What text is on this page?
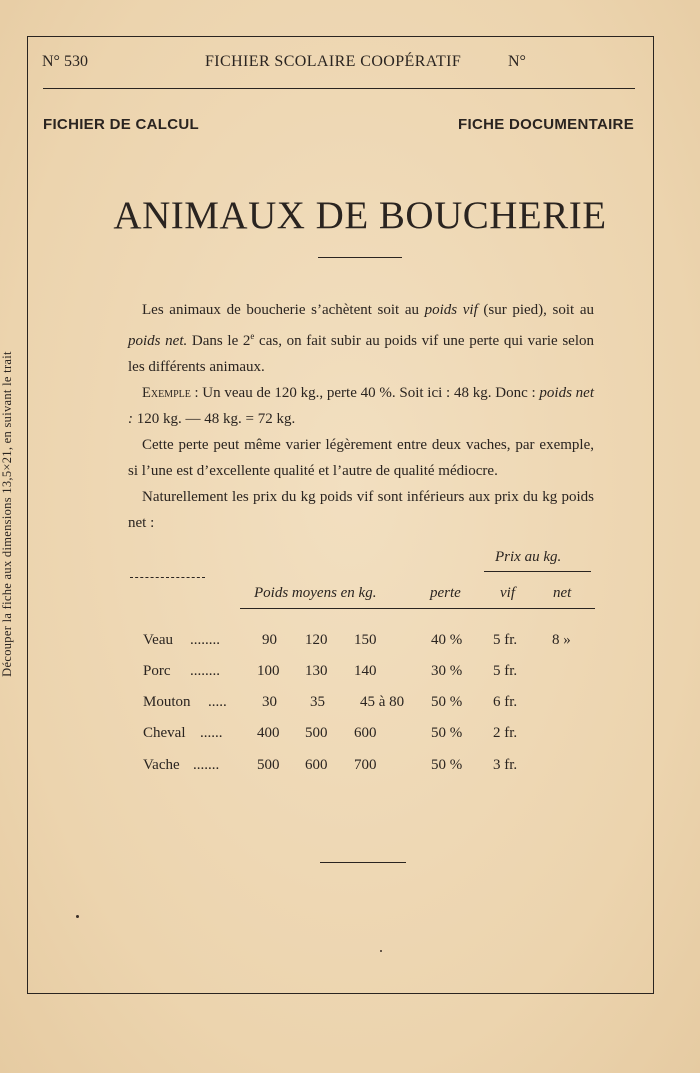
Découper la fiche aux dimensions 13,5×21, en suivant le trait
N° 530	FICHIER SCOLAIRE COOPÉRATIF	N°
FICHIER DE CALCUL	FICHE DOCUMENTAIRE
ANIMAUX DE BOUCHERIE

Les animaux de boucherie s’achètent soit au poids vif (sur pied), soit au poids net. Dans le 2e cas, on fait subir au poids vif une perte qui varie selon les différents animaux.

Exemple : Un veau de 120 kg., perte 40 %. Soit ici : 48 kg. Donc : poids net : 120 kg. — 48 kg. = 72 kg.

Cette perte peut même varier légèrement entre deux vaches, par exemple, si l’une est d’excellente qualité et l’autre de qualité médiocre.

Naturellement les prix du kg poids vif sont inférieurs aux prix du kg poids net :

Prix au kg.
Poids moyens en kg.	perte	vif	net
Veau ........	90 120 150	40 % 5 fr. 8 »
Porc ........ 100 130 140	30 % 5 fr.
Mouton ..... 30 35 45 à 80 50 % 6 fr.
Cheval ...... 400 500 600	50 % 2 fr.
Vache .......	500 600 700	50 % 3 fr.
